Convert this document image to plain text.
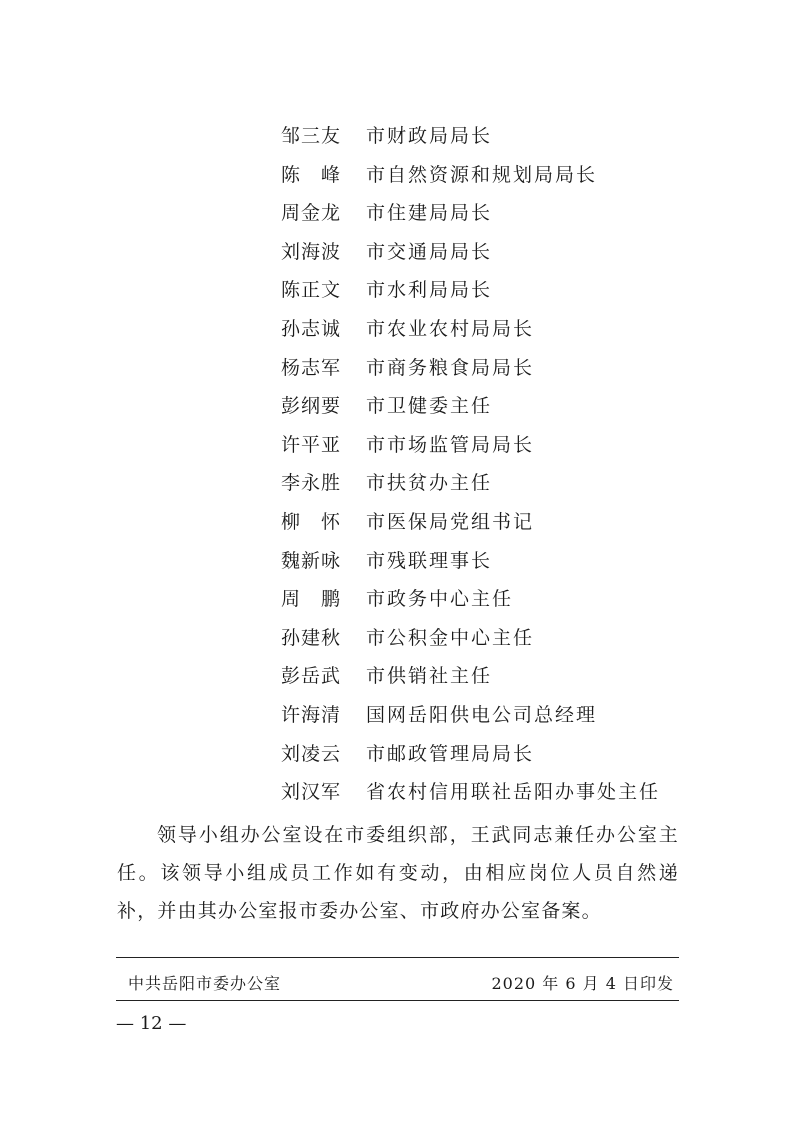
邹三友 市财政局局长
陈　峰 市自然资源和规划局局长
周金龙 市住建局局长
刘海波 市交通局局长
陈正文 市水利局局长
孙志诚 市农业农村局局长
杨志军 市商务粮食局局长
彭纲要 市卫健委主任
许平亚 市市场监管局局长
李永胜 市扶贫办主任
柳　怀 市医保局党组书记
魏新咏 市残联理事长
周　鹏 市政务中心主任
孙建秋 市公积金中心主任
彭岳武 市供销社主任
许海清 国网岳阳供电公司总经理
刘凌云 市邮政管理局局长
刘汉军 省农村信用联社岳阳办事处主任
领导小组办公室设在市委组织部，王武同志兼任办公室主任。该领导小组成员工作如有变动，由相应岗位人员自然递补，并由其办公室报市委办公室、市政府办公室备案。
中共岳阳市委办公室	2020 年 6 月 4 日印发
— 12 —
